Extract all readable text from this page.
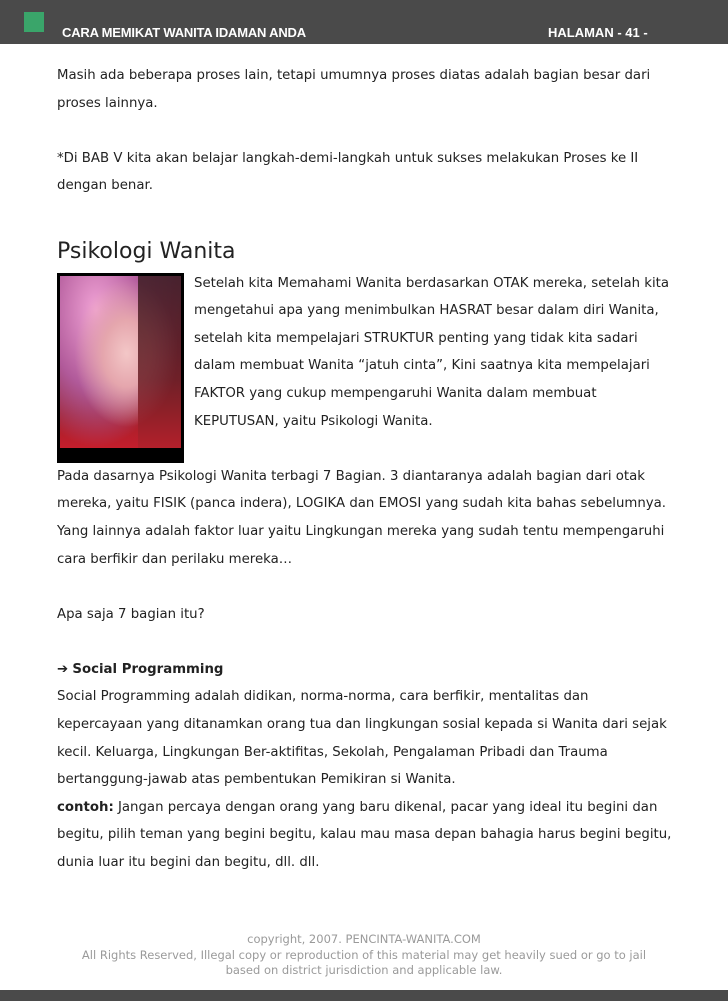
CARA MEMIKAT WANITA IDAMAN ANDA	HALAMAN - 41 -

Masih ada beberapa proses lain, tetapi umumnya proses diatas adalah bagian besar dari proses lainnya.

*Di BAB V kita akan belajar langkah-demi-langkah untuk sukses melakukan Proses ke II dengan benar.

Psikologi Wanita

Setelah kita Memahami Wanita berdasarkan OTAK mereka, setelah kita mengetahui apa yang menimbulkan HASRAT besar dalam diri Wanita, setelah kita mempelajari STRUKTUR penting yang tidak kita sadari dalam membuat Wanita “jatuh cinta”, Kini saatnya kita mempelajari FAKTOR yang cukup mempengaruhi Wanita dalam membuat KEPUTUSAN, yaitu Psikologi Wanita.

Pada dasarnya Psikologi Wanita terbagi 7 Bagian. 3 diantaranya adalah bagian dari otak mereka, yaitu FISIK (panca indera), LOGIKA dan EMOSI yang sudah kita bahas sebelumnya. Yang lainnya adalah faktor luar yaitu Lingkungan mereka yang sudah tentu mempengaruhi cara berfikir dan perilaku mereka…

Apa saja 7 bagian itu?

➔ Social Programming

Social Programming adalah didikan, norma-norma, cara berfikir, mentalitas dan kepercayaan yang ditanamkan orang tua dan lingkungan sosial kepada si Wanita dari sejak kecil. Keluarga, Lingkungan Ber-aktifitas, Sekolah, Pengalaman Pribadi dan Trauma bertanggung-jawab atas pembentukan Pemikiran si Wanita.

contoh: Jangan percaya dengan orang yang baru dikenal, pacar yang ideal itu begini dan begitu, pilih teman yang begini begitu, kalau mau masa depan bahagia harus begini begitu, dunia luar itu begini dan begitu, dll. dll.

copyright, 2007. PENCINTA-WANITA.COM
All Rights Reserved, Illegal copy or reproduction of this material may get heavily sued or go to jail
based on district jurisdiction and applicable law.
